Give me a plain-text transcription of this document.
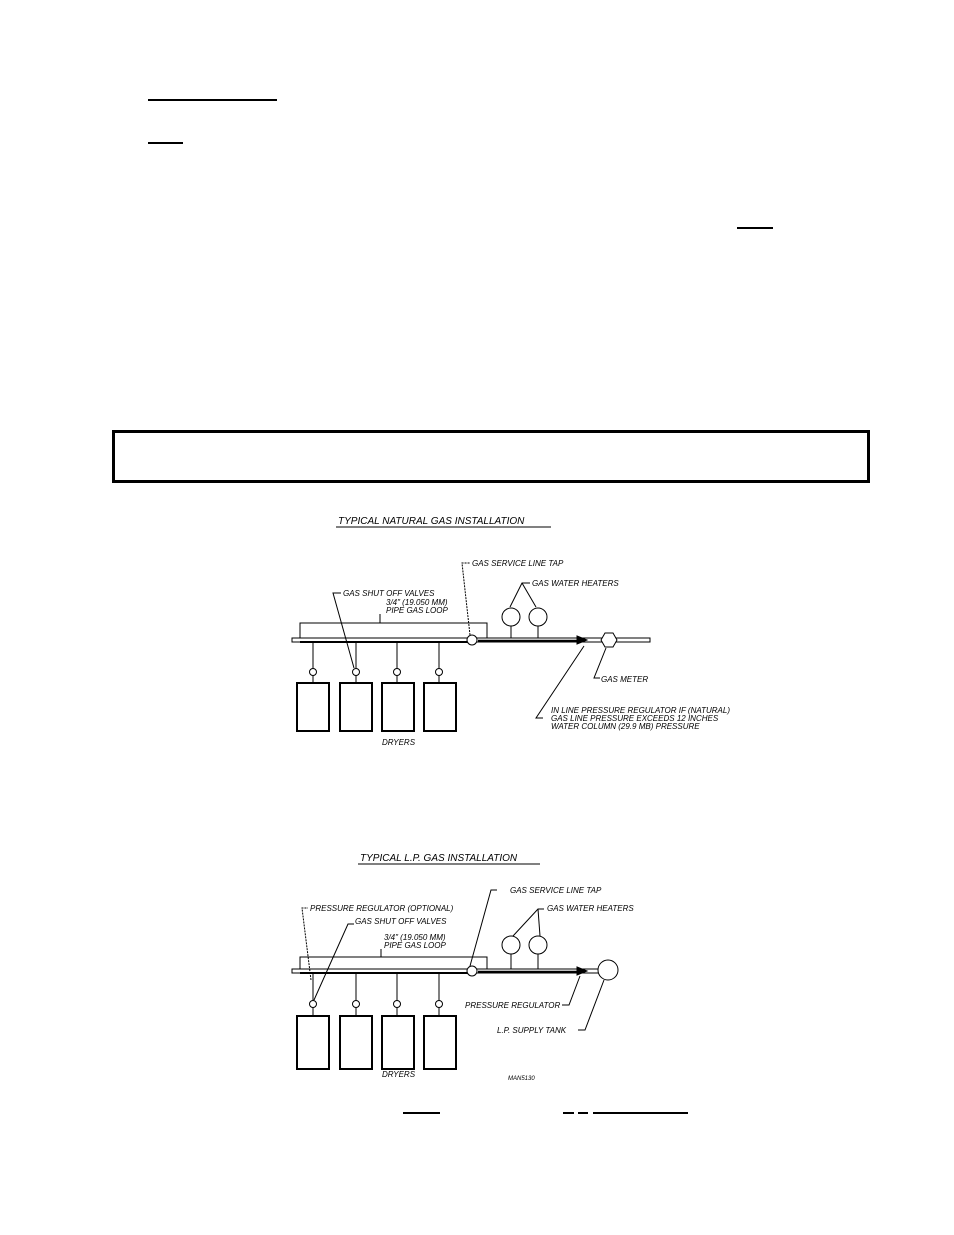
TYPICAL NATURAL GAS INSTALLATION
GAS SERVICE LINE TAP
GAS WATER HEATERS
GAS SHUT OFF VALVES
3/4" (19.050 MM)
PIPE GAS LOOP
GAS METER
IN LINE PRESSURE REGULATOR IF (NATURAL)
GAS LINE PRESSURE EXCEEDS 12 INCHES
WATER COLUMN (29.9 MB) PRESSURE
DRYERS
TYPICAL L.P. GAS INSTALLATION
PRESSURE REGULATOR (OPTIONAL)
GAS SHUT OFF VALVES
GAS SERVICE LINE TAP
GAS WATER HEATERS
3/4" (19.050 MM)
PIPE GAS LOOP
PRESSURE REGULATOR
L.P. SUPPLY TANK
DRYERS	MAN5130
